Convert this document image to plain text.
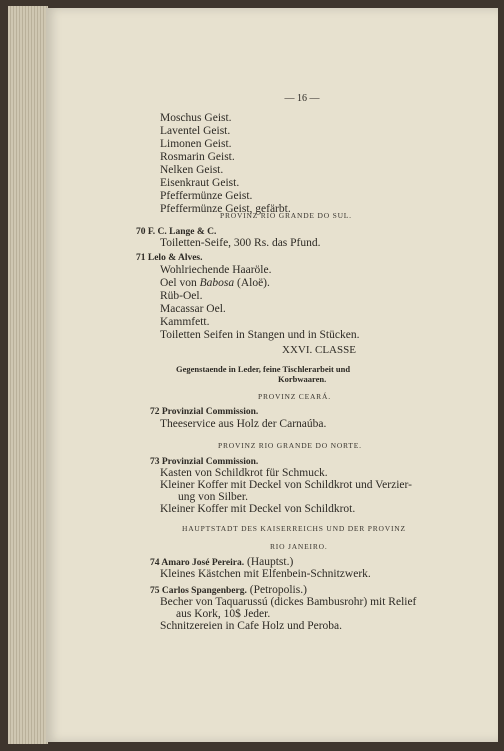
— 16 —
Moschus Geist.
Laventel Geist.
Limonen Geist.
Rosmarin Geist.
Nelken Geist.
Eisenkraut Geist.
Pfeffermünze Geist.
Pfeffermünze Geist, gefärbt.
PROVINZ RIO GRANDE DO SUL.
70 F. C. Lange & C.
Toiletten-Seife, 300 Rs. das Pfund.
71 Lelo & Alves.
Wohlriechende Haaröle.
Oel von Babosa (Aloë).
Rüb-Oel.
Macassar Oel.
Kammfett.
Toiletten Seifen in Stangen und in Stücken.
XXVI. CLASSE
Gegenstaende in Leder, feine Tischlerarbeit und
Korbwaaren.
PROVINZ CEARÁ.
72 Provinzial Commission.
Theeservice aus Holz der Carnaúba.
PROVINZ RIO GRANDE DO NORTE.
73 Provinzial Commission.
Kasten von Schildkrot für Schmuck.
Kleiner Koffer mit Deckel von Schildkrot und Verzier-
ung von Silber.
Kleiner Koffer mit Deckel von Schildkrot.
HAUPTSTADT DES KAISERREICHS UND DER PROVINZ
RIO JANEIRO.
74 Amaro José Pereira. (Hauptst.)
Kleines Kästchen mit Elfenbein-Schnitzwerk.
75 Carlos Spangenberg. (Petropolis.)
Becher von Taquarussú (dickes Bambusrohr) mit Relief
aus Kork, 10$ Jeder.
Schnitzereien in Cafe Holz und Peroba.
